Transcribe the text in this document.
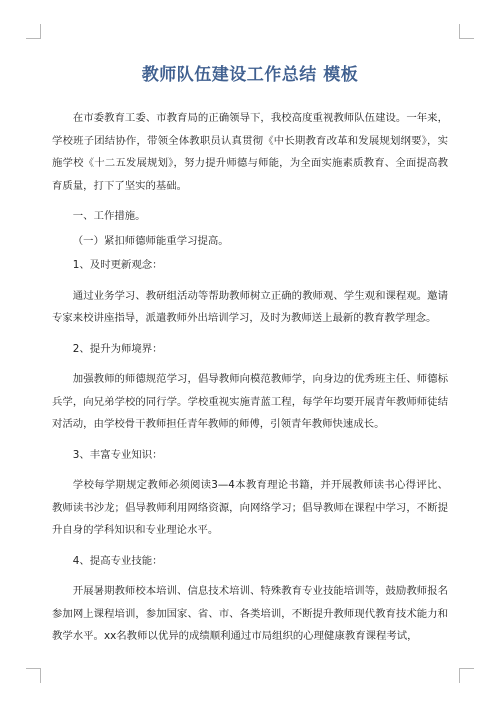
教师队伍建设工作总结 模板

在市委教育工委、市教育局的正确领导下，我校高度重视教师队伍建设。一年来，学校班子团结协作，带领全体教职员认真贯彻《中长期教育改革和发展规划纲要》，实施学校《十二五发展规划》，努力提升师德与师能，为全面实施素质教育、全面提高教育质量，打下了坚实的基础。

一、工作措施。

（一）紧扣师德师能重学习提高。

1、及时更新观念：

通过业务学习、教研组活动等帮助教师树立正确的教师观、学生观和课程观。邀请专家来校讲座指导，派遣教师外出培训学习，及时为教师送上最新的教育教学理念。

2、提升为师境界：

加强教师的师德规范学习，倡导教师向模范教师学，向身边的优秀班主任、师德标兵学，向兄弟学校的同行学。学校重视实施青蓝工程，每学年均要开展青年教师师徒结对活动，由学校骨干教师担任青年教师的师傅，引领青年教师快速成长。

3、丰富专业知识：

学校每学期规定教师必须阅读3—4本教育理论书籍，并开展教师读书心得评比、教师读书沙龙；倡导教师利用网络资源，向网络学习；倡导教师在课程中学习，不断提升自身的学科知识和专业理论水平。

4、提高专业技能：

开展暑期教师校本培训、信息技术培训、特殊教育专业技能培训等，鼓励教师报名参加网上课程培训，参加国家、省、市、各类培训，不断提升教师现代教育技术能力和教学水平。xx名教师以优异的成绩顺利通过市局组织的心理健康教育课程考试，
